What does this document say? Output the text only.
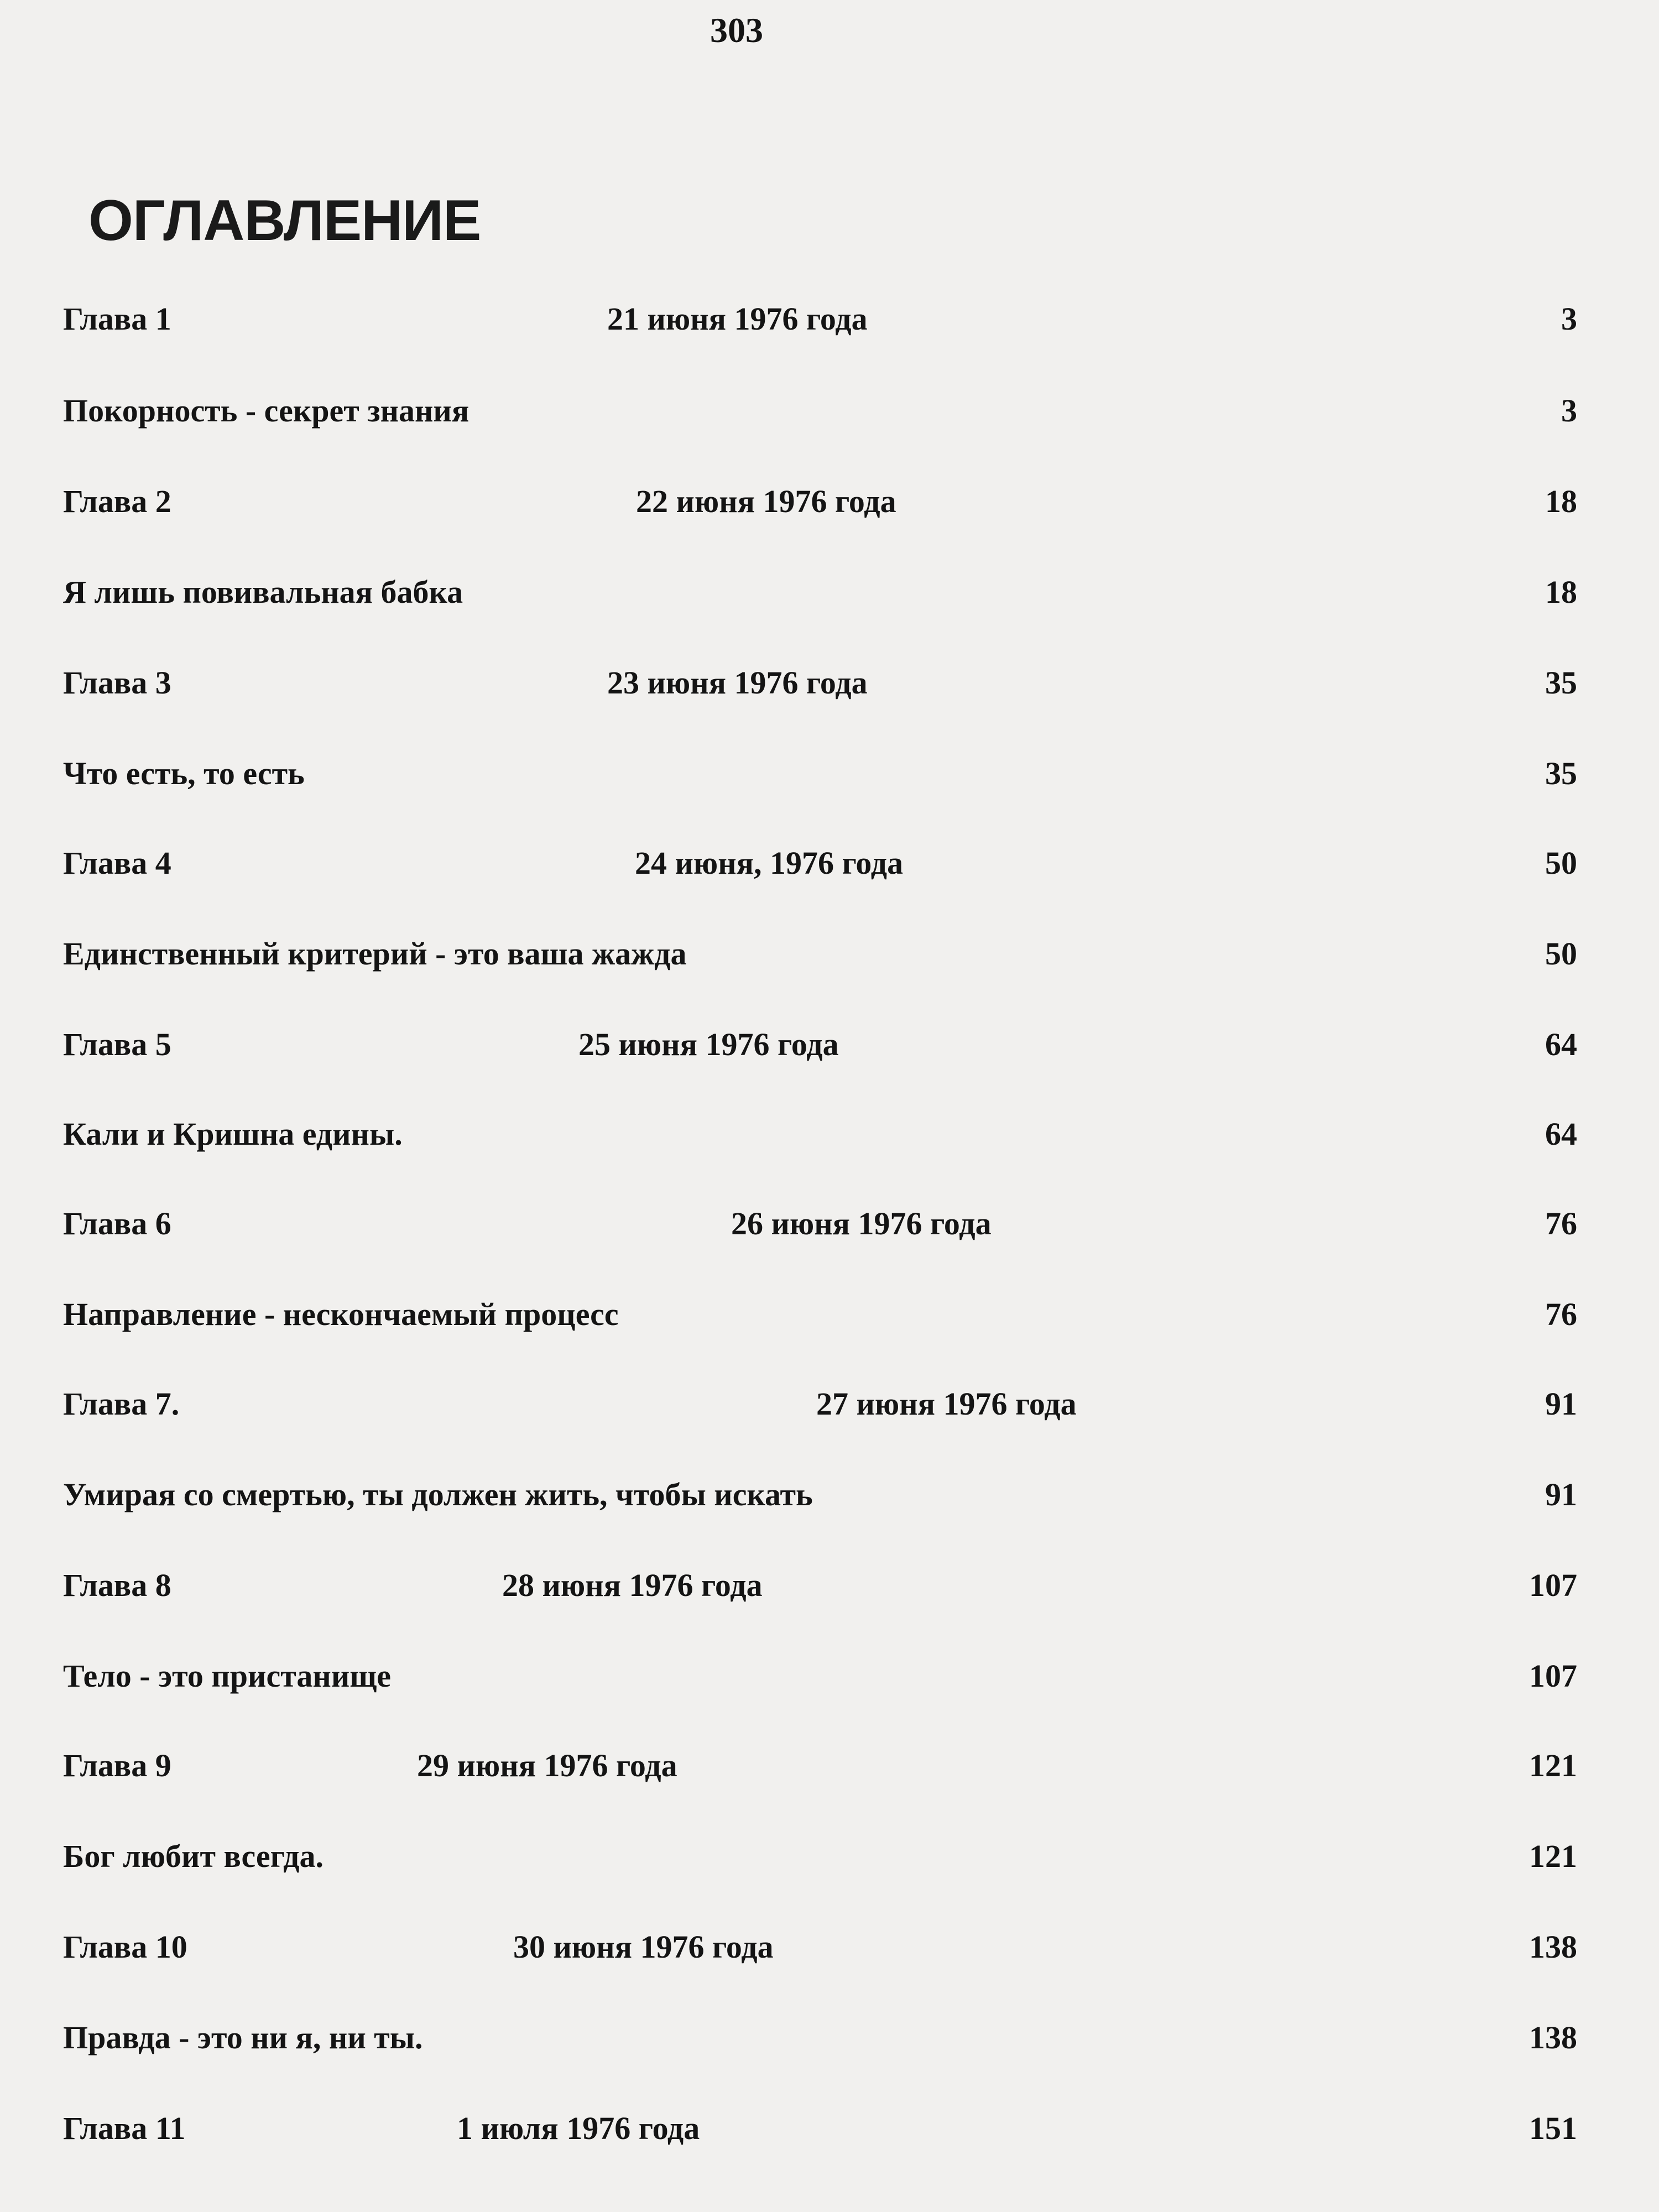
303
ОГЛАВЛЕНИЕ
Глава 1	21 июня 1976 года	3
Покорность - секрет знания	3
Глава 2	22 июня 1976 года	18
Я лишь повивальная бабка	18
Глава 3	23 июня 1976 года	35
Что есть, то есть	35
Глава 4	24 июня, 1976 года	50
Единственный критерий - это ваша жажда	50
Глава 5	25 июня 1976 года	64
Кали и Кришна едины.	64
Глава 6	26 июня 1976 года	76
Направление - нескончаемый процесс	76
Глава 7.	27 июня 1976 года	91
Умирая со смертью, ты должен жить, чтобы искать	91
Глава 8	28 июня 1976 года	107
Тело - это пристанище	107
Глава 9	29 июня 1976 года	121
Бог любит всегда.	121
Глава 10	30 июня 1976 года	138
Правда - это ни я, ни ты.	138
Глава 11	1 июля 1976 года	151
